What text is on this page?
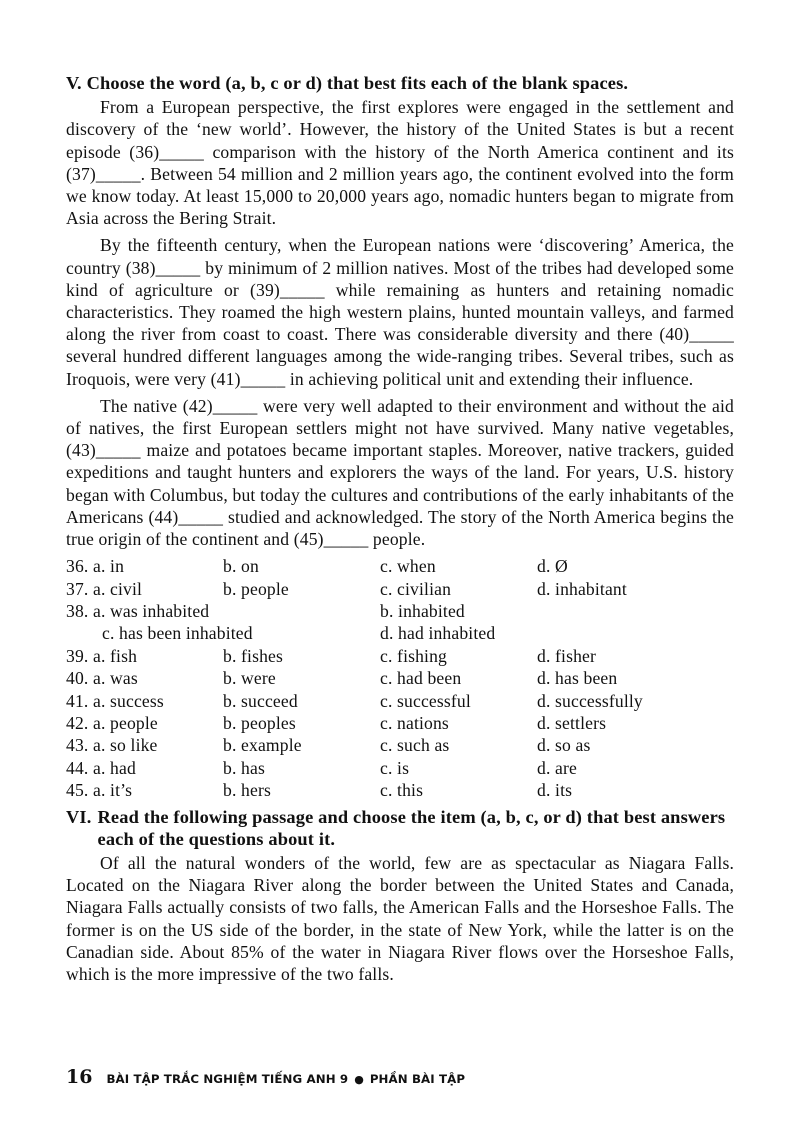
V. Choose the word (a, b, c or d) that best fits each of the blank spaces.

From a European perspective, the first explores were engaged in the settlement and discovery of the ‘new world’. However, the history of the United States is but a recent episode (36)_____ comparison with the history of the North America continent and its (37)_____. Between 54 million and 2 million years ago, the continent evolved into the form we know today. At least 15,000 to 20,000 years ago, nomadic hunters began to migrate from Asia across the Bering Strait.

By the fifteenth century, when the European nations were ‘discovering’ America, the country (38)_____ by minimum of 2 million natives. Most of the tribes had developed some kind of agriculture or (39)_____ while remaining as hunters and retaining nomadic characteristics. They roamed the high western plains, hunted mountain valleys, and farmed along the river from coast to coast. There was considerable diversity and there (40)_____ several hundred different languages among the wide-ranging tribes. Several tribes, such as Iroquois, were very (41)_____ in achieving political unit and extending their influence.

The native (42)_____ were very well adapted to their environment and without the aid of natives, the first European settlers might not have survived. Many native vegetables, (43)_____ maize and potatoes became important staples. Moreover, native trackers, guided expeditions and taught hunters and explorers the ways of the land. For years, U.S. history began with Columbus, but today the cultures and contributions of the early inhabitants of the Americans (44)_____ studied and acknowledged. The story of the North America begins the true origin of the continent and (45)_____ people.

36. a. in	b. on	c. when	d. Ø
37. a. civil	b. people	c. civilian	d. inhabitant
38. a. was inhabited		b. inhabited	
c. has been inhabited		d. had inhabited	
39. a. fish	b. fishes	c. fishing	d. fisher
40. a. was	b. were	c. had been	d. has been
41. a. success	b. succeed	c. successful	d. successfully
42. a. people	b. peoples	c. nations	d. settlers
43. a. so like	b. example	c. such as	d. so as
44. a. had	b. has	c. is	d. are
45. a. it’s	b. hers	c. this	d. its
VI. Read the following passage and choose the item (a, b, c, or d) that best answers each of the questions about it.

Of all the natural wonders of the world, few are as spectacular as Niagara Falls. Located on the Niagara River along the border between the United States and Canada, Niagara Falls actually consists of two falls, the American Falls and the Horseshoe Falls. The former is on the US side of the border, in the state of New York, while the latter is on the Canadian side. About 85% of the water in Niagara River flows over the Horseshoe Falls, which is the more impressive of the two falls.

16 BÀI TẬP TRẮC NGHIỆM TIẾNG ANH 9 ● PHẦN BÀI TẬP
